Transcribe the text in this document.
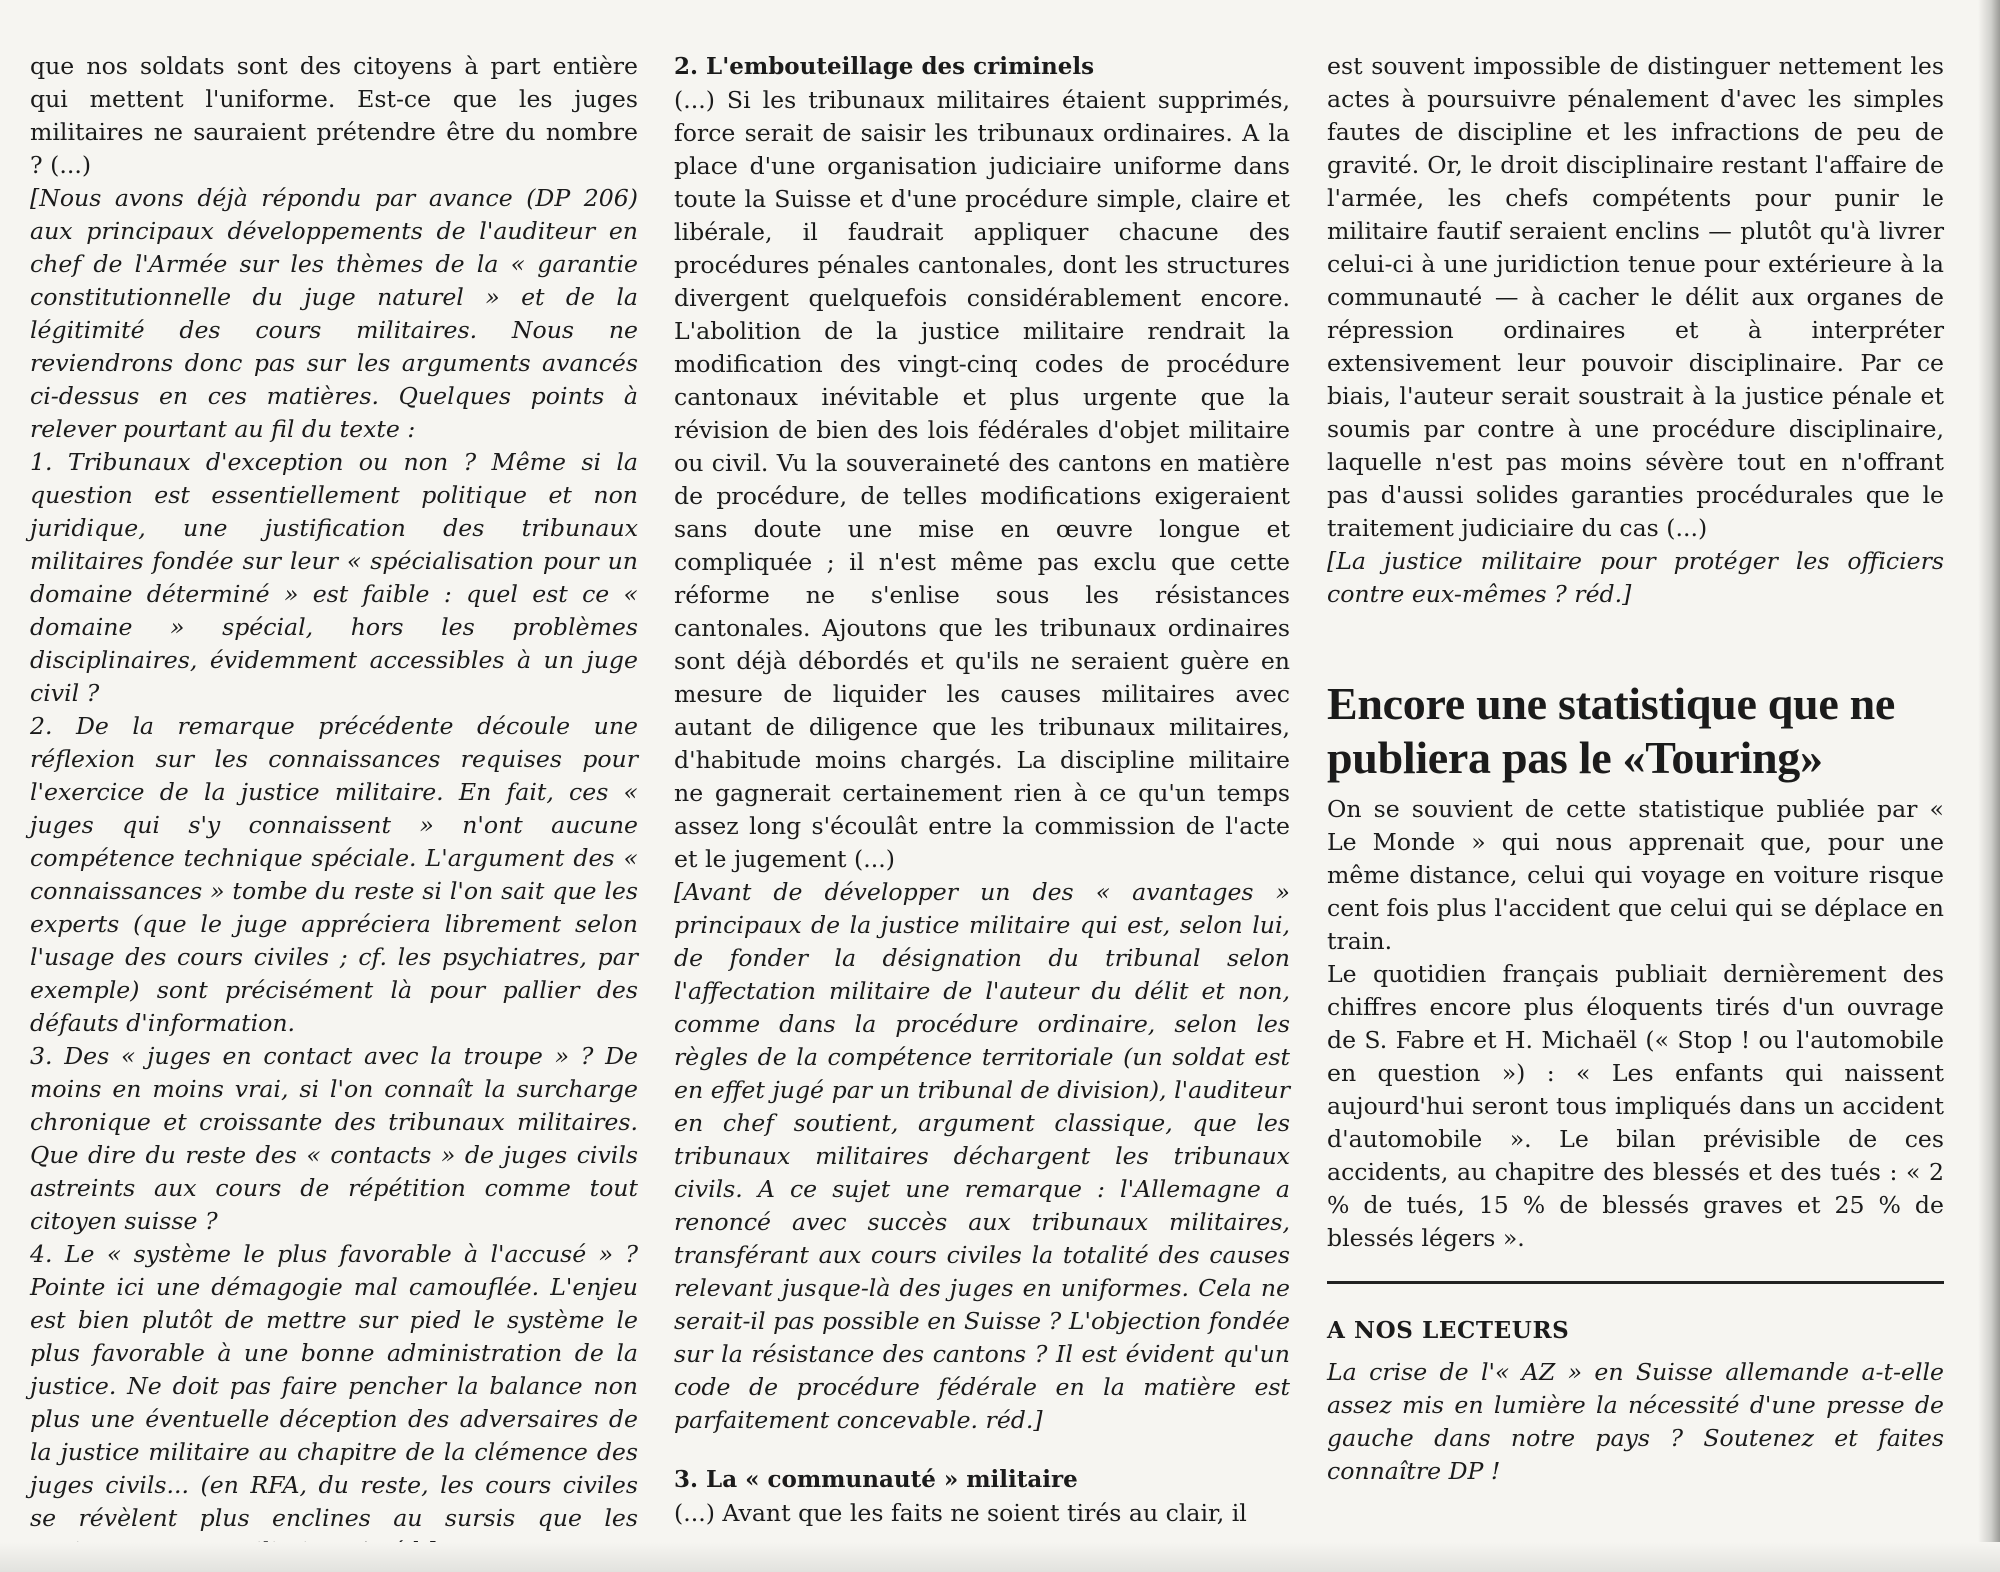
que nos soldats sont des citoyens à part entière qui mettent l'uniforme. Est-ce que les juges militaires ne sauraient prétendre être du nombre ? (...)

[Nous avons déjà répondu par avance (DP 206) aux principaux développements de l'auditeur en chef de l'Armée sur les thèmes de la « garantie constitutionnelle du juge naturel » et de la légitimité des cours militaires. Nous ne reviendrons donc pas sur les arguments avancés ci-dessus en ces matières. Quelques points à relever pourtant au fil du texte :

1. Tribunaux d'exception ou non ? Même si la question est essentiellement politique et non juridique, une justification des tribunaux militaires fondée sur leur « spécialisation pour un domaine déterminé » est faible : quel est ce « domaine » spécial, hors les problèmes disciplinaires, évidemment accessibles à un juge civil ?

2. De la remarque précédente découle une réflexion sur les connaissances requises pour l'exercice de la justice militaire. En fait, ces « juges qui s'y connaissent » n'ont aucune compétence technique spéciale. L'argument des « connaissances » tombe du reste si l'on sait que les experts (que le juge appréciera librement selon l'usage des cours civiles ; cf. les psychiatres, par exemple) sont précisément là pour pallier des défauts d'information.

3. Des « juges en contact avec la troupe » ? De moins en moins vrai, si l'on connaît la surcharge chronique et croissante des tribunaux militaires. Que dire du reste des « contacts » de juges civils astreints aux cours de répétition comme tout citoyen suisse ?

4. Le « système le plus favorable à l'accusé » ? Pointe ici une démagogie mal camouflée. L'enjeu est bien plutôt de mettre sur pied le système le plus favorable à une bonne administration de la justice. Ne doit pas faire pencher la balance non plus une éventuelle déception des adversaires de la justice militaire au chapitre de la clémence des juges civils... (en RFA, du reste, les cours civiles se révèlent plus enclines au sursis que les

2. L'embouteillage des criminels

(...) Si les tribunaux militaires étaient supprimés, force serait de saisir les tribunaux ordinaires. A la place d'une organisation judiciaire uniforme dans toute la Suisse et d'une procédure simple, claire et libérale, il faudrait appliquer chacune des procédures pénales cantonales, dont les structures divergent quelquefois considérablement encore. L'abolition de la justice militaire rendrait la modification des vingt-cinq codes de procédure cantonaux inévitable et plus urgente que la révision de bien des lois fédérales d'objet militaire ou civil. Vu la souveraineté des cantons en matière de procédure, de telles modifications exigeraient sans doute une mise en œuvre longue et compliquée ; il n'est même pas exclu que cette réforme ne s'enlise sous les résistances cantonales. Ajoutons que les tribunaux ordinaires sont déjà débordés et qu'ils ne seraient guère en mesure de liquider les causes militaires avec autant de diligence que les tribunaux militaires, d'habitude moins chargés. La discipline militaire ne gagnerait certainement rien à ce qu'un temps assez long s'écoulât entre la commission de l'acte et le jugement (...)

[Avant de développer un des « avantages » principaux de la justice militaire qui est, selon lui, de fonder la désignation du tribunal selon l'affectation militaire de l'auteur du délit et non, comme dans la procédure ordinaire, selon les règles de la compétence territoriale (un soldat est en effet jugé par un tribunal de division), l'auditeur en chef soutient, argument classique, que les tribunaux militaires déchargent les tribunaux civils. A ce sujet une remarque : l'Allemagne a renoncé avec succès aux tribunaux militaires, transférant aux cours civiles la totalité des causes relevant jusque-là des juges en uniformes. Cela ne serait-il pas possible en Suisse ? L'objection fondée sur la résistance des cantons ? Il est évident qu'un code de procédure fédérale en la matière est parfaitement concevable. réd.]

3. La « communauté » militaire

(...) Avant que les faits ne soient tirés au clair, il

est souvent impossible de distinguer nettement les actes à poursuivre pénalement d'avec les simples fautes de discipline et les infractions de peu de gravité. Or, le droit disciplinaire restant l'affaire de l'armée, les chefs compétents pour punir le militaire fautif seraient enclins — plutôt qu'à livrer celui-ci à une juridiction tenue pour extérieure à la communauté — à cacher le délit aux organes de répression ordinaires et à interpréter extensivement leur pouvoir disciplinaire. Par ce biais, l'auteur serait soustrait à la justice pénale et soumis par contre à une procédure disciplinaire, laquelle n'est pas moins sévère tout en n'offrant pas d'aussi solides garanties procédurales que le traitement judiciaire du cas (...)

[La justice militaire pour protéger les officiers contre eux-mêmes ? réd.]

Encore une statistique que ne publiera pas le «Touring»

On se souvient de cette statistique publiée par « Le Monde » qui nous apprenait que, pour une même distance, celui qui voyage en voiture risque cent fois plus l'accident que celui qui se déplace en train.

Le quotidien français publiait dernièrement des chiffres encore plus éloquents tirés d'un ouvrage de S. Fabre et H. Michaël (« Stop ! ou l'automobile en question ») : « Les enfants qui naissent aujourd'hui seront tous impliqués dans un accident d'automobile ». Le bilan prévisible de ces accidents, au chapitre des blessés et des tués : « 2 % de tués, 15 % de blessés graves et 25 % de blessés légers ».

A NOS LECTEURS

La crise de l'« AZ » en Suisse allemande a-t-elle assez mis en lumière la nécessité d'une presse de gauche dans notre pays ? Soutenez et faites connaître DP !
